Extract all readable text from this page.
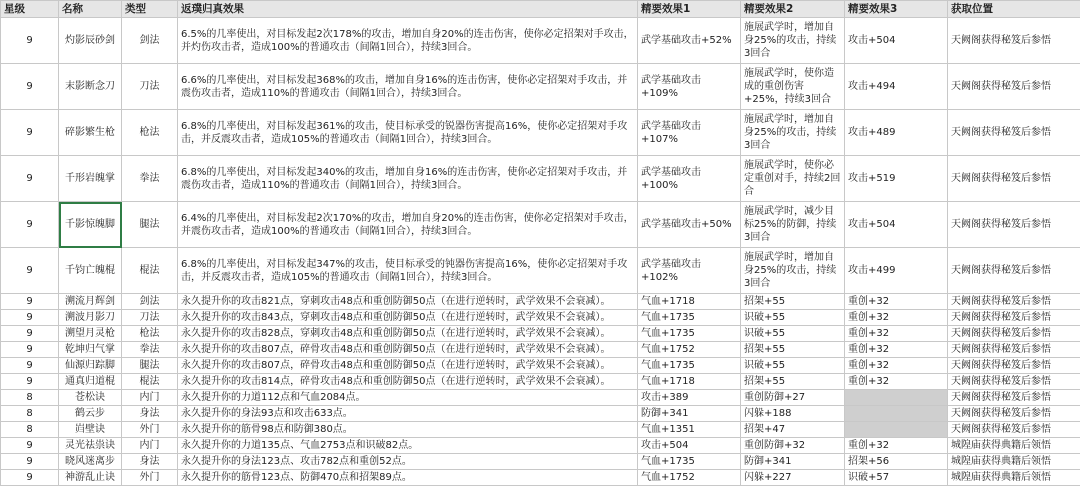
星级	名称	类型	返璞归真效果	精要效果1	精要效果2	精要效果3	获取位置
9	灼影辰砂剑	剑法	6.5%的几率使出，对目标发起2次178%的攻击，增加自身20%的连击伤害，使你必定招架对手攻击，并灼伤攻击者，造成100%的普通攻击（间隔1回合），持续3回合。	武学基础攻击+52%	施展武学时，增加自身25%的攻击，持续3回合	攻击+504	天阙阁获得秘笈后参悟
9	末影断念刀	刀法	6.6%的几率使出，对目标发起368%的攻击，增加自身16%的连击伤害，使你必定招架对手攻击，并震伤攻击者，造成110%的普通攻击（间隔1回合），持续3回合。	武学基础攻击+109%	施展武学时，使你造成的重创伤害+25%，持续3回合	攻击+494	天阙阁获得秘笈后参悟
9	碎影繁生枪	枪法	6.8%的几率使出，对目标发起361%的攻击，使目标承受的锐器伤害提高16%，使你必定招架对手攻击，并反震攻击者，造成105%的普通攻击（间隔1回合），持续3回合。	武学基础攻击+107%	施展武学时，增加自身25%的攻击，持续3回合	攻击+489	天阙阁获得秘笈后参悟
9	千形岩魄掌	拳法	6.8%的几率使出，对目标发起340%的攻击，增加自身16%的连击伤害，使你必定招架对手攻击，并震伤攻击者，造成110%的普通攻击（间隔1回合），持续3回合。	武学基础攻击+100%	施展武学时，使你必定重创对手，持续2回合	攻击+519	天阙阁获得秘笈后参悟
9	千影惊魄脚	腿法	6.4%的几率使出，对目标发起2次170%的攻击，增加自身20%的连击伤害，使你必定招架对手攻击，并震伤攻击者，造成100%的普通攻击（间隔1回合），持续3回合。	武学基础攻击+50%	施展武学时，减少目标25%的防御，持续3回合	攻击+504	天阙阁获得秘笈后参悟
9	千钧亡魄棍	棍法	6.8%的几率使出，对目标发起347%的攻击，使目标承受的钝器伤害提高16%，使你必定招架对手攻击，并反震攻击者，造成105%的普通攻击（间隔1回合），持续3回合。	武学基础攻击+102%	施展武学时，增加自身25%的攻击，持续3回合	攻击+499	天阙阁获得秘笈后参悟
9	溯流月辉剑	剑法	永久提升你的攻击821点，穿刺攻击48点和重创防御50点（在进行逆转时，武学效果不会衰减）。	气血+1718	招架+55	重创+32	天阙阁获得秘笈后参悟
9	溯波月影刀	刀法	永久提升你的攻击843点，穿刺攻击48点和重创防御50点（在进行逆转时，武学效果不会衰减）。	气血+1735	识破+55	重创+32	天阙阁获得秘笈后参悟
9	溯望月灵枪	枪法	永久提升你的攻击828点，穿刺攻击48点和重创防御50点（在进行逆转时，武学效果不会衰减）。	气血+1735	识破+55	重创+32	天阙阁获得秘笈后参悟
9	乾坤归气掌	拳法	永久提升你的攻击807点，碎骨攻击48点和重创防御50点（在进行逆转时，武学效果不会衰减）。	气血+1752	招架+55	重创+32	天阙阁获得秘笈后参悟
9	仙源归踪脚	腿法	永久提升你的攻击807点，碎骨攻击48点和重创防御50点（在进行逆转时，武学效果不会衰减）。	气血+1735	识破+55	重创+32	天阙阁获得秘笈后参悟
9	通真归道棍	棍法	永久提升你的攻击814点，碎骨攻击48点和重创防御50点（在进行逆转时，武学效果不会衰减）。	气血+1718	招架+55	重创+32	天阙阁获得秘笈后参悟
8	苍松诀	内门	永久提升你的力道112点和气血2084点。	攻击+389	重创防御+27		天阙阁获得秘笈后参悟
8	鹤云步	身法	永久提升你的身法93点和攻击633点。	防御+341	闪躲+188		天阙阁获得秘笈后参悟
8	岿壁诀	外门	永久提升你的筋骨98点和防御380点。	气血+1351	招架+47		天阙阁获得秘笈后参悟
9	灵光祛祟诀	内门	永久提升你的力道135点、气血2753点和识破82点。	攻击+504	重创防御+32	重创+32	城隍庙获得典籍后领悟
9	晓风迷离步	身法	永久提升你的身法123点、攻击782点和重创52点。	气血+1735	防御+341	招架+56	城隍庙获得典籍后领悟
9	神游乱止诀	外门	永久提升你的筋骨123点、防御470点和招架89点。	气血+1752	闪躲+227	识破+57	城隍庙获得典籍后领悟
